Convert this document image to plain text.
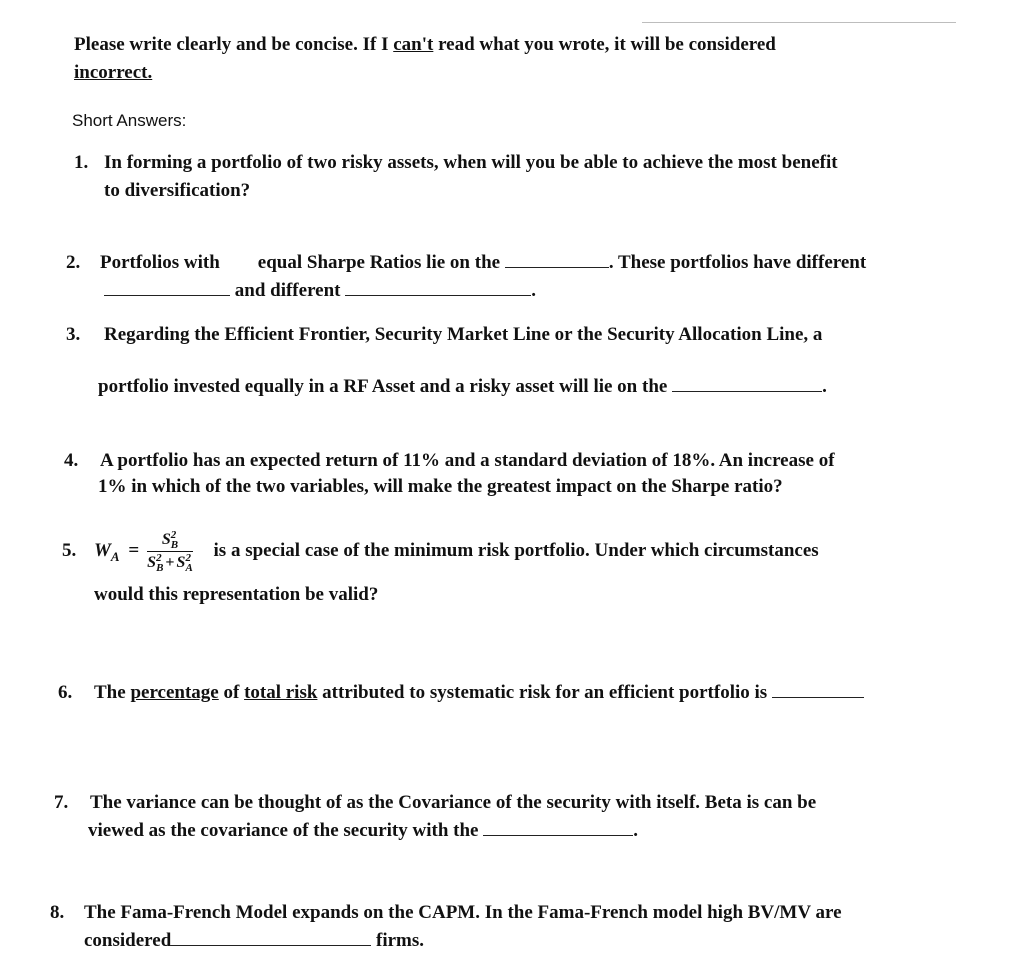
Please write clearly and be concise. If I can't read what you wrote, it will be considered
incorrect.
Short Answers:
1. In forming a portfolio of two risky assets, when will you be able to achieve the most benefit
to diversification?
2. Portfolios with equal Sharpe Ratios lie on the	. These portfolios have different
and different	.
3. Regarding the Efficient Frontier, Security Market Line or the Security Allocation Line, a
portfolio invested equally in a RF Asset and a risky asset will lie on the	.
4. A portfolio has an expected return of 11% and a standard deviation of 18%. An increase of
1% in which of the two variables, will make the greatest impact on the Sharpe ratio?
5. $W_A$ =
S2
B
S2
B + S2
A
is a special case of the minimum risk portfolio. Under which circumstances
would this representation be valid?
6. The percentage of total risk attributed to systematic risk for an efficient portfolio is
7. The variance can be thought of as the Covariance of the security with itself. Beta is can be
viewed as the covariance of the security with the	.
8. The Fama-French Model expands on the CAPM. In the Fama-French model high BV/MV are
considered	firms.
